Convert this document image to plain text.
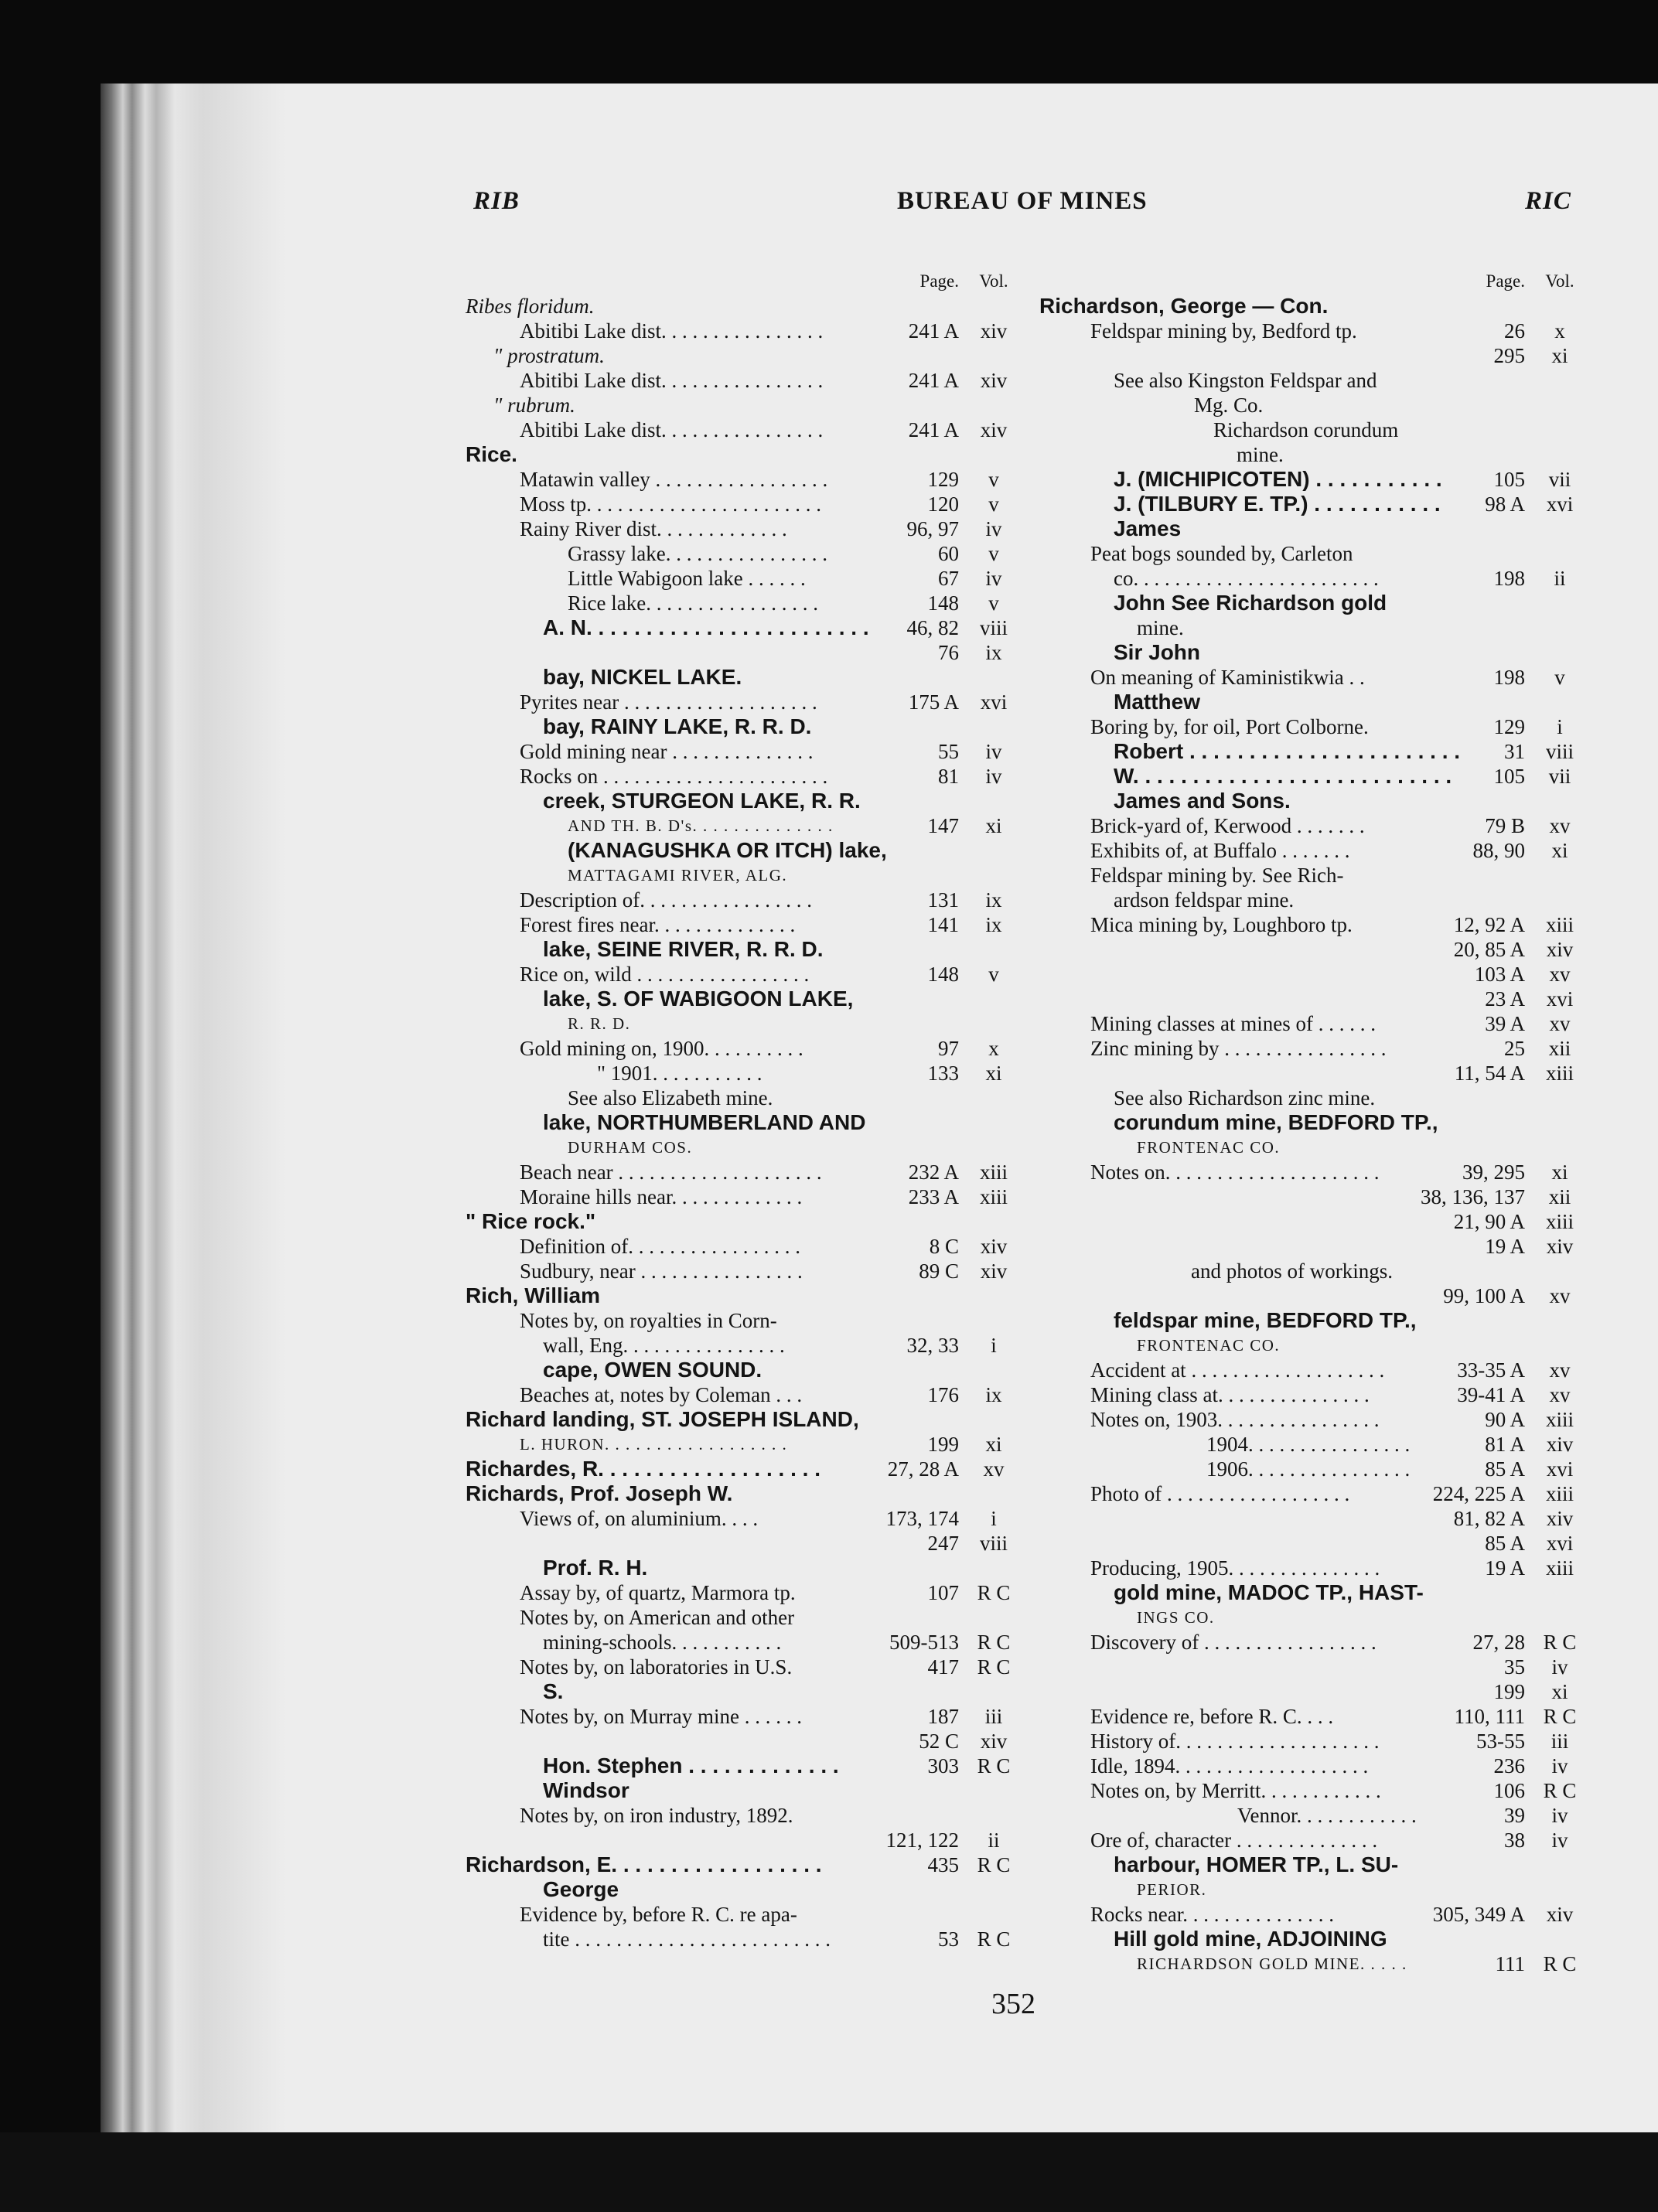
RIB	BUREAU OF MINES	RIC
Page.	Vol.
Ribes floridum.
Abitibi Lake dist. . . . . . . . . . . . . . . .	241 A	xiv
" prostratum.
Abitibi Lake dist. . . . . . . . . . . . . . . .	241 A	xiv
" rubrum.
Abitibi Lake dist. . . . . . . . . . . . . . . .	241 A	xiv
Rice.
Matawin valley . . . . . . . . . . . . . . . . .	129	v
Moss tp. . . . . . . . . . . . . . . . . . . . . . .	120	v
Rainy River dist. . . . . . . . . . . . .	96, 97	iv
Grassy lake. . . . . . . . . . . . . . . .	60	v
Little Wabigoon lake . . . . . .	67	iv
Rice lake. . . . . . . . . . . . . . . . .	148	v
A. N. . . . . . . . . . . . . . . . . . . . . . . . 46, 82 viii
76	ix
bay, NICKEL LAKE.
Pyrites near . . . . . . . . . . . . . . . . . . .	175 A	xvi
bay, RAINY LAKE, R. R. D.
Gold mining near . . . . . . . . . . . . . .	55	iv
Rocks on . . . . . . . . . . . . . . . . . . . . . .	81	iv
creek, STURGEON LAKE, R. R.
AND TH. B. D's. . . . . . . . . . . . . .	147	xi
(KANAGUSHKA OR ITCH) lake,
MATTAGAMI RIVER, ALG.
Description of. . . . . . . . . . . . . . . . .	131	ix
Forest fires near. . . . . . . . . . . . . .	141	ix
lake, SEINE RIVER, R. R. D.
Rice on, wild . . . . . . . . . . . . . . . . .	148	v
lake, S. OF WABIGOON LAKE,
R. R. D.
Gold mining on, 1900. . . . . . . . . .	97	x
" 1901. . . . . . . . . . .	133	xi
See also Elizabeth mine.
lake, NORTHUMBERLAND AND
DURHAM COS.
Beach near . . . . . . . . . . . . . . . . . . . .	232 A xiii
Moraine hills near. . . . . . . . . . . . .	233 A xiii
" Rice rock."
Definition of. . . . . . . . . . . . . . . . .	8 C	xiv
Sudbury, near . . . . . . . . . . . . . . . .	89 C	xiv
Rich, William
Notes by, on royalties in Corn-
wall, Eng. . . . . . . . . . . . . . . .	32, 33	i
cape, OWEN SOUND.
Beaches at, notes by Coleman . . .	176	ix
Richard landing, ST. JOSEPH ISLAND,
L. HURON. . . . . . . . . . . . . . . . . .	199	xi
Richardes, R. . . . . . . . . . . . . . . . . . .	27, 28 A	xv
Richards, Prof. Joseph W.
Views of, on aluminium. . . .	173, 174	i
247 viii
Prof. R. H.
Assay by, of quartz, Marmora tp.	107 R C
Notes by, on American and other
mining-schools. . . . . . . . . . .	509-513 R C
Notes by, on laboratories in U.S.	417 R C
S.
Notes by, on Murray mine . . . . . .	187	iii
52 C	xiv
Hon. Stephen . . . . . . . . . . . . .	303 R C
Windsor
Notes by, on iron industry, 1892.
121, 122	ii
Richardson, E. . . . . . . . . . . . . . . . . .	435 R C
George
Evidence by, before R. C. re apa-
tite . . . . . . . . . . . . . . . . . . . . . . . . .	53 R C
Page.	Vol.
Richardson, George — Con.
Feldspar mining by, Bedford tp.	26	x
295	xi
See also Kingston Feldspar and
Mg. Co.
Richardson corundum
mine.
J. (MICHIPICOTEN) . . . . . . . . . . . 105	vii
J. (TILBURY E. TP.) . . . . . . . . . . . 98 A	xvi
James
Peat bogs sounded by, Carleton
co. . . . . . . . . . . . . . . . . . . . . . . .	198	ii
John See Richardson gold
mine.
Sir John
On meaning of Kaministikwia . .	198	v
Matthew
Boring by, for oil, Port Colborne.	129	i
Robert . . . . . . . . . . . . . . . . . . . . . . . 31 viii
W. . . . . . . . . . . . . . . . . . . . . . . . . . . 105	vii
James and Sons.
Brick-yard of, Kerwood . . . . . . .	79 B	xv
Exhibits of, at Buffalo . . . . . . .	88, 90	xi
Feldspar mining by. See Rich-
ardson feldspar mine.
Mica mining by, Loughboro tp.	12, 92 A xiii
20, 85 A	xiv
103 A	xv
23 A	xvi
Mining classes at mines of . . . . . .	39 A	xv
Zinc mining by . . . . . . . . . . . . . . . .	25	xii
11, 54 A xiii
See also Richardson zinc mine.
corundum mine, BEDFORD TP.,
FRONTENAC CO.
Notes on. . . . . . . . . . . . . . . . . . . . .	39, 295	xi
38, 136, 137	xii
21, 90 A xiii
19 A	xiv
and photos of workings.
99, 100 A	xv
feldspar mine, BEDFORD TP.,
FRONTENAC CO.
Accident at . . . . . . . . . . . . . . . . . . .	33-35 A	xv
Mining class at. . . . . . . . . . . . . . .	39-41 A	xv
Notes on, 1903. . . . . . . . . . . . . . . .	90 A xiii
1904. . . . . . . . . . . . . . . .	81 A	xiv
1906. . . . . . . . . . . . . . . .	85 A	xvi
Photo of . . . . . . . . . . . . . . . . . .	224, 225 A xiii
81, 82 A	xiv
85 A	xvi
Producing, 1905. . . . . . . . . . . . . . .	19 A xiii
gold mine, MADOC TP., HAST-
INGS CO.
Discovery of . . . . . . . . . . . . . . . . .	27, 28 R C
35	iv
199	xi
Evidence re, before R. C. . . .	110, 111 R C
History of. . . . . . . . . . . . . . . . . . . .	53-55	iii
Idle, 1894. . . . . . . . . . . . . . . . . . .	236	iv
Notes on, by Merritt. . . . . . . . . . . .	106 R C
Vennor. . . . . . . . . . . .	39	iv
Ore of, character . . . . . . . . . . . . . .	38	iv
harbour, HOMER TP., L. SU-
PERIOR.
Rocks near. . . . . . . . . . . . . . .	305, 349 A	xiv
Hill gold mine, ADJOINING
RICHARDSON GOLD MINE. . . . .	111 R C
352
